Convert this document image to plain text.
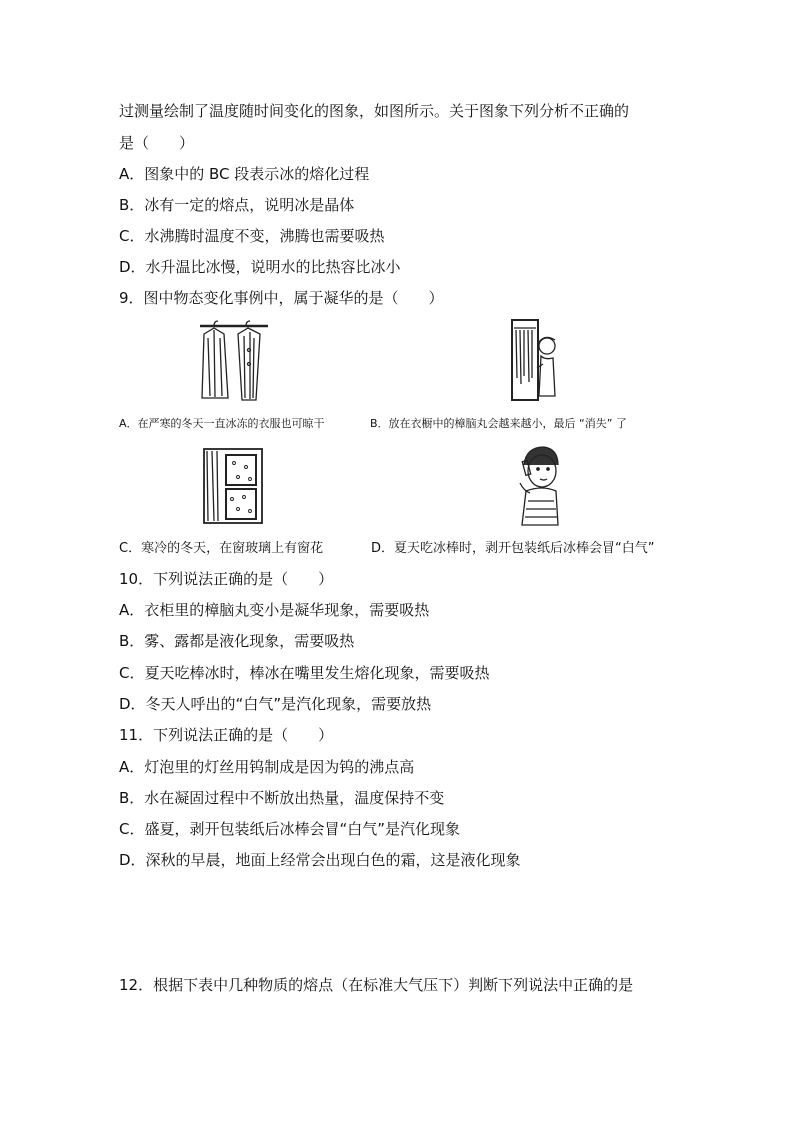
过测量绘制了温度随时间变化的图象，如图所示。关于图象下列分析不正确的
是（　　）
A．图象中的 BC 段表示冰的熔化过程
B．冰有一定的熔点，说明冰是晶体
C．水沸腾时温度不变，沸腾也需要吸热
D．水升温比冰慢，说明水的比热容比冰小
9．图中物态变化事例中，属于凝华的是（　　）
A．在严寒的冬天一直冰冻的衣服也可晾干	B．放在衣橱中的樟脑丸会越来越小，最后 “消失” 了
C．寒冷的冬天，在窗玻璃上有窗花	D．夏天吃冰棒时，剥开包装纸后冰棒会冒“白气”
10．下列说法正确的是（　　）
A．衣柜里的樟脑丸变小是凝华现象，需要吸热
B．雾、露都是液化现象，需要吸热
C．夏天吃棒冰时，棒冰在嘴里发生熔化现象，需要吸热
D．冬天人呼出的“白气”是汽化现象，需要放热
11．下列说法正确的是（　　）
A．灯泡里的灯丝用钨制成是因为钨的沸点高
B．水在凝固过程中不断放出热量，温度保持不变
C．盛夏，剥开包装纸后冰棒会冒“白气”是汽化现象
D．深秋的早晨，地面上经常会出现白色的霜，这是液化现象
12．根据下表中几种物质的熔点（在标准大气压下）判断下列说法中正确的是
